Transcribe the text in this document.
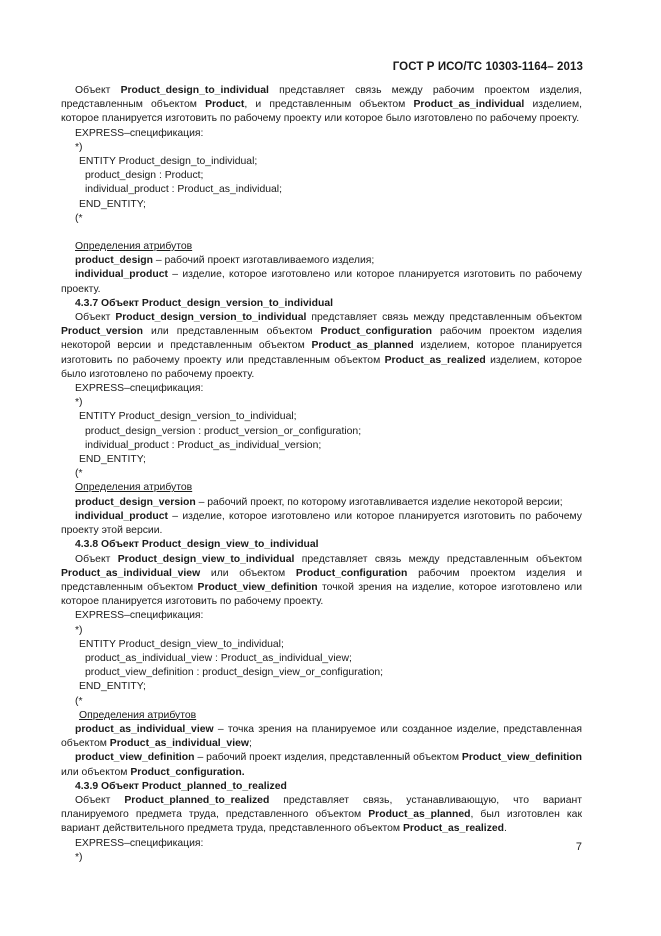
ГОСТ Р ИСО/ТС 10303-1164– 2013
Объект Product_design_to_individual представляет связь между рабочим проектом изделия, представленным объектом Product, и представленным объектом Product_as_individual изделием, которое планируется изготовить по рабочему проекту или которое было изготовлено по рабочему проекту.
EXPRESS–спецификация:
*)
ENTITY Product_design_to_individual;
product_design : Product;
individual_product : Product_as_individual;
END_ENTITY;
(*
Определения атрибутов
product_design – рабочий проект изготавливаемого изделия;
individual_product – изделие, которое изготовлено или которое планируется изготовить по рабочему проекту.
4.3.7 Объект Product_design_version_to_individual
Объект Product_design_version_to_individual представляет связь между представленным объектом Product_version или представленным объектом Product_configuration рабочим проектом изделия некоторой версии и представленным объектом Product_as_planned изделием, которое планируется изготовить по рабочему проекту или представленным объектом Product_as_realized изделием, которое было изготовлено по рабочему проекту.
EXPRESS–спецификация:
*)
ENTITY Product_design_version_to_individual;
product_design_version : product_version_or_configuration;
individual_product : Product_as_individual_version;
END_ENTITY;
(*
Определения атрибутов
product_design_version – рабочий проект, по которому изготавливается изделие некоторой версии;
individual_product – изделие, которое изготовлено или которое планируется изготовить по рабочему проекту этой версии.
4.3.8 Объект Product_design_view_to_individual
Объект Product_design_view_to_individual представляет связь между представленным объектом Product_as_individual_view или объектом Product_configuration рабочим проектом изделия и представленным объектом Product_view_definition точкой зрения на изделие, которое изготовлено или которое планируется изготовить по рабочему проекту.
EXPRESS–спецификация:
*)
ENTITY Product_design_view_to_individual;
product_as_individual_view : Product_as_individual_view;
product_view_definition : product_design_view_or_configuration;
END_ENTITY;
(*
Определения атрибутов
product_as_individual_view – точка зрения на планируемое или созданное изделие, представленная объектом Product_as_individual_view;
product_view_definition – рабочий проект изделия, представленный объектом Product_view_definition или объектом Product_configuration.
4.3.9 Объект Product_planned_to_realized
Объект Product_planned_to_realized представляет связь, устанавливающую, что вариант планируемого предмета труда, представленного объектом Product_as_planned, был изготовлен как вариант действительного предмета труда, представленного объектом Product_as_realized.
EXPRESS–спецификация:
*)
7
